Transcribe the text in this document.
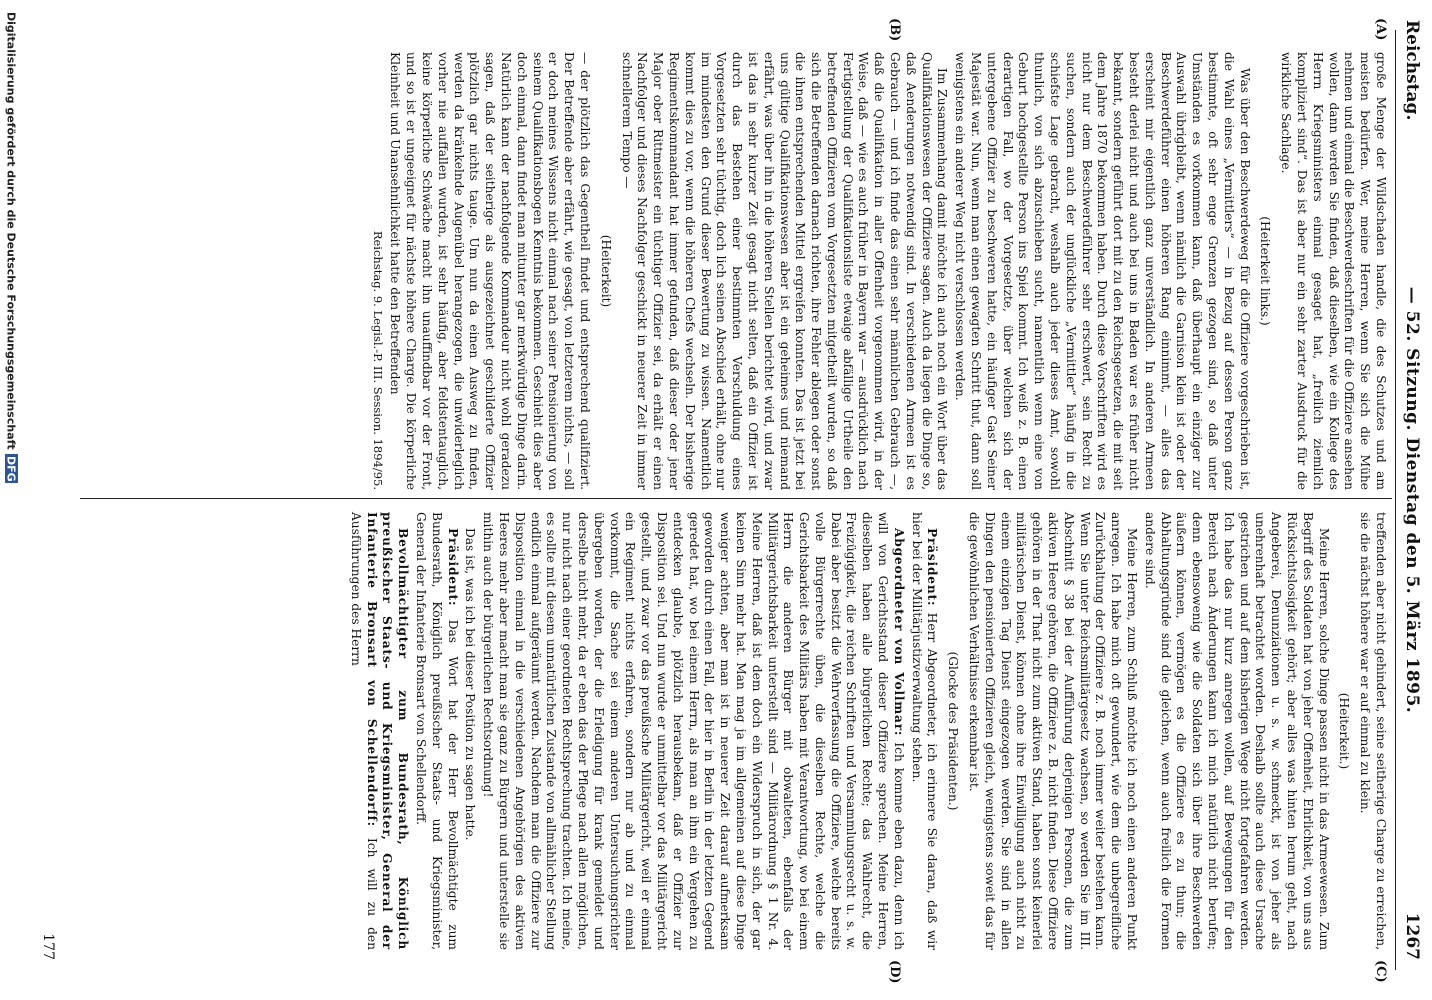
Reichstag.
— 52. Sitzung. Dienstag den 5. März 1895.
1267
(A)
(B)
(C)
(D)

große Menge der Wildschaden handle, die des Schutzes und am meisten bedürfen. Wer, meine Herren, wenn Sie sich die Mühe nehmen und einmal die Beschwerdeschriften für die Offiziere ansehen wollen, dann werden Sie finden, daß dieselben, wie ein Kollege des Herrn Kriegsministers einmal gesaget hat, „freilich ziemlich kompliziert sind“. Das ist aber nur ein sehr zarter Ausdruck für die wirkliche Sachlage.

(Heiterkeit links.)

Was über den Beschwerdeweg für die Offiziere vorgeschrieben ist, die Wahl eines „Vermittlers“ — in Bezug auf dessen Person ganz bestimmte, oft sehr enge Grenzen gezogen sind, so daß unter Umständen es vorkommen kann, daß überhaupt ein einziger zur Auswahl übrigbleibt, wenn nämlich die Garnison klein ist oder der Beschwerdeführer einen höheren Rang einnimmt, — alles das erscheint mir eigentlich ganz unverständlich. In anderen Armeen besteht derlei nicht und auch bei uns in Baden war es früher nicht bekannt, sondern geführt dort mit zu den Reichsgesetzen, die mit seit dem Jahre 1870 bekommen haben. Durch diese Vorschriften wird es nicht nur dem Beschwerdeführer sehr erschwert, sein Recht zu suchen, sondern auch der unglückliche „Vermittler“ häufig in die schiefste Lage gebracht, weshalb auch jeder dieses Amt, sowohl thunlich, von sich abzuschieben sucht, namentlich wenn eine von Geburt hochgestellte Person ins Spiel kommt. Ich weiß z. B. einen derartigen Fall, wo der Vorgesetzte, über welchen sich der untergebene Offizier zu beschweren hatte, ein häufiger Gast Seiner Majestät war. Nun, wenn man einen gewagten Schritt thut, dann soll wenigstens ein anderer Weg nicht verschlossen werden.

Im Zusammenhang damit möchte ich auch noch ein Wort über das Qualifikationswesen der Offiziere sagen. Auch da liegen die Dinge so, daß Aenderungen notwendig sind. In verschiedenen Armeen ist es Gebrauch — und ich finde das einen sehr männlichen Gebrauch —, daß die Qualifikation in aller Offenheit vorgenommen wird, in der Weise, daß — wie es auch früher in Bayern war — ausdrücklich nach Fertigstellung der Qualifikationsliste etwaige abfällige Urtheile den betreffenden Offizieren vom Vorgesetzten mitgetheilt wurden, so daß sich die Betreffenden darnach richten, ihre Fehler ablegen oder sonst die ihnen entsprechenden Mittel ergreifen konnten. Das ist jetzt bei uns gültige Qualifikationswesen aber ist ein geheimes und niemand erfährt, was über ihn in die höheren Stellen berichtet wird, und zwar ist das in sehr kurzer Zeit gesagt nicht selten, daß ein Offizier ist durch das Bestehen einer bestimmten Verschuldung eines Vorgesetzten sehr tüchtig, doch lich seinen Abschied erhält, ohne nur im mindesten den Grund dieser Bewertung zu wissen. Namentlich kommt dies zu vor, wenn die höheren Chefs wechseln. Der bisherige Regimentskommandant hat immer gefunden, daß dieser oder jener Major ober Rittmeister ein tüchtiger Offizier sei, da erhält er einen Nachfolger und dieses Nachfolger geschickt in neuerer Zeit in immer schnellerem Tempo —

(Heiterkeit)

— der plötzlich das Gegentheil findet und entsprechend qualifiziert. Der Betreffende aber erfährt, wie gesagt, von letzterem nichts, — soll er doch meines Wissens nicht einmal nach seiner Pensionierung von seinem Qualifikationsbogen Kenntnis bekommen. Geschieht dies aber doch einmal, dann findet man mitunter gar merkwürdige Dinge darin. Natürlich kann der nachfolgende Kommandeur nicht wohl geradezu sagen, daß der seitherige als ausgezeichnet geschilderte Offizier plötzlich gar nichts tauge. Um nun da einen Ausweg zu finden, werden da kränkelnde Augenübel herangezogen, die unwiderleglich vorher nie auffallen wurden, ist sehr häufig, aber feldstentauglich, keine körperliche Schwäche macht ihn unauffindbar vor der Front, und so ist er ungeeignet für nächste höhere Charge. Die körperliche Kleinheit und Unansehnlichkeit hatte den Betreffenden

Reichstag. 9. Legisl.-P. III. Session. 1894/95.

treffenden aber nicht gehindert, seine seitherige Charge zu erreichen, sie die nächst höhere war er auf einmal zu klein.

(Heiterkeit.)

Meine Herren, solche Dinge passen nicht in das Armeewesen. Zum Begriff des Soldaten hat von jeher Offenheit, Ehrlichkeit, von uns aus Rücksichtslosigkeit gehört; aber alles was hinten herum geht, nach Angeberei, Denunziationen u. s. w. schmeckt, ist von jeher als unehrenhaft betrachtet worden. Deshalb sollte auch diese Ursache gestrichen und auf dem bisherigen Wege nicht fortgefahren werden. Ich habe das nur kurz anregen wollen, auf Bewegungen für den Bereich nach Änderungen kann ich mich natürlich nicht berufen; denn ebensowenig wie die Soldaten sich über ihre Beschwerden äußern können, vermögen es die Offiziere es zu thun; die Abhaltungsgründe sind die gleichen, wenn auch freilich die Formen andere sind.

Meine Herren, zum Schluß möchte ich noch einen anderen Punkt anregen. Ich habe mich oft gewundert, wie dem die unbegreifliche Zurückhaltung der Offiziere z. B. noch immer weiter bestehen kann. Wenn Sie unter Reichsmilitärgesetz wachsen, so werden Sie im III. Abschnitt § 38 bei der Aufführung derjenigen Personen, die zum aktiven Heere gehören, die Offiziere z. B. nicht finden. Diese Offiziere gehören in der That nicht zum aktiven Stand, haben sonst keinerlei militärischen Dienst, können ohne ihre Einwilligung auch nicht zu einem einzigen Tag Dienst eingezogen werden. Sie sind in allen Dingen den pensionierten Offizieren gleich, wenigstens soweit das für die gewöhnlichen Verhältnisse erkennbar ist.

(Glocke des Präsidenten.)

Präsident: Herr Abgeordneter, ich erinnere Sie daran, daß wir hier bei der Militärjustizverwaltung stehen.

Abgeordneter von Vollmar: Ich komme eben dazu, denn ich will von Gerichtsstand dieser Offiziere sprechen. Meine Herren, dieselben haben alle bürgerlichen Rechte; das Wahlrecht, die Freizügigkeit, die reichen Schriften und Versammlungsrecht u. s. w. Dabei aber besitzt die Wehrverfassung die Offiziere, welche bereits volle Bürgerrechte üben, die dieselben Rechte, welche die Gerichtsbarkeit des Militärs haben mit Verantwortung, wo bei einem Herrn die anderen Bürger mit obwalteten, ebenfalls der Militärgerichtsbarkeit unterstellt sind — Militärordnung § 1 Nr. 4. Meine Herren, daß ist dem doch ein Widerspruch in sich, der gar keinen Sinn mehr hat. Man mag ja im allgemeinen auf diese Dinge weniger achten, aber man ist in neuerer Zeit darauf aufmerksam geworden durch einen Fall, der hier in Berlin in der letzten Gegend geredet hat, wo bei einem Herrn, als man an ihm ein Vergehen zu entdecken glaubte, plötzlich herausbekam, daß er Offizier zur Disposition sei. Und nun wurde er unmittelbar vor das Militärgericht gestellt, und zwar vor das preußische Militärgericht, weil er einmal ein Regiment nichts erfahren, sondern nur ab und zu einmal vorkommt, die Sache sei einem anderen Untersuchungsrichter übergeben worden, der die Erledigung für krank gemeldet und derselbe nicht mehr, da er eben das der Pflege nach allen möglichen, nur nicht nach einer geordneten Rechtsprechung trachten. Ich meine, es sollte mit diesem unnatürlichen Zustande von allmählicher Stellung endlich einmal aufgeräumt werden. Nachdem man die Offiziere zur Disposition einmal in die verschiedenen Angehörigen des aktiven Heeres mehr aber macht man sie ganz zu Bürgern und unterstelle sie mithin auch der bürgerlichen Rechtsordnung!

Das ist, was ich bei dieser Position zu sagen hatte.

Präsident: Das Wort hat der Herr Bevollmächtigte zum Bundesrath, Königlich preußischer Staats- und Kriegsminister, General der Infanterie Bronsart von Schellendorff.

Bevollmächtigter zum Bundesrath, Königlich preußischer Staats- und Kriegsminister, General der Infanterie Bronsart von Schellendorff: Ich will zu den Ausführungen des Herrn

177
Digitalisierung gefördert durch die Deutsche Forschungsgemeinschaft
DFG
